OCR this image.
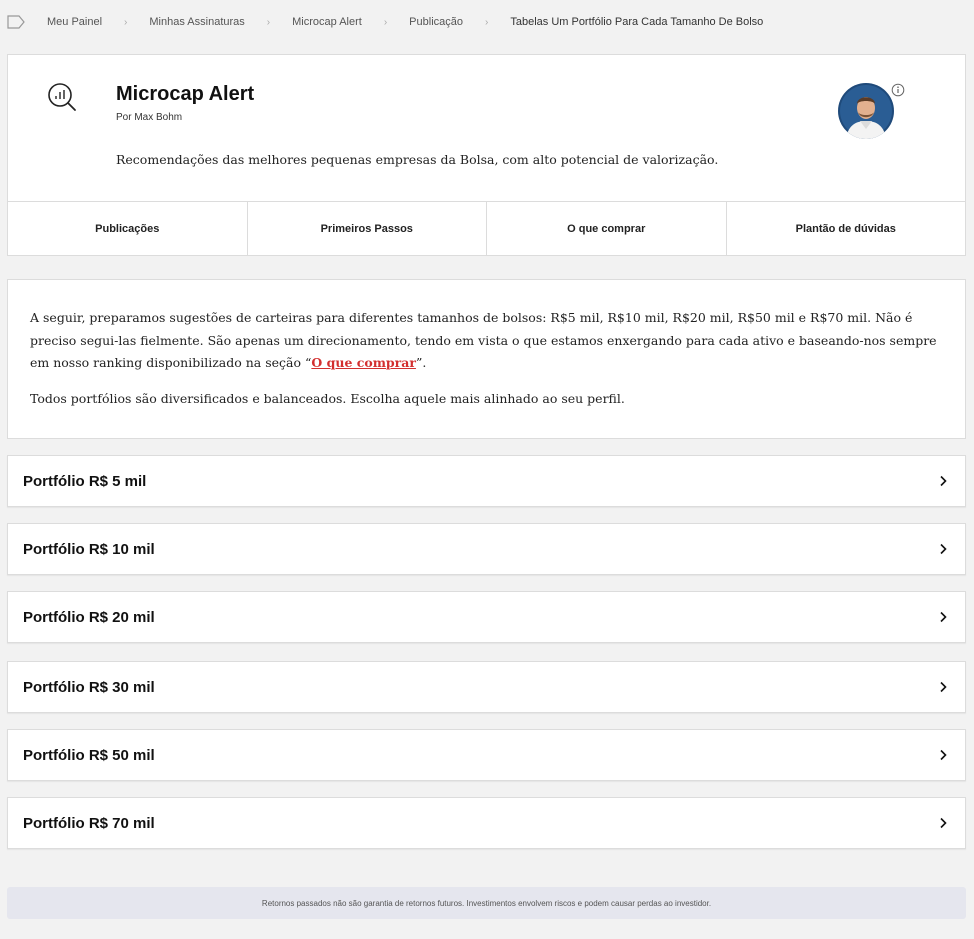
Meu Painel › Minhas Assinaturas › Microcap Alert › Publicação › Tabelas Um Portfólio Para Cada Tamanho De Bolso
Microcap Alert
Por Max Bohm

Recomendações das melhores pequenas empresas da Bolsa, com alto potencial de valorização.

Publicações	Primeiros Passos	O que comprar	Plantão de dúvidas

A seguir, preparamos sugestões de carteiras para diferentes tamanhos de bolsos: R$5 mil, R$10 mil, R$20 mil, R$50 mil e R$70 mil. Não é preciso segui-las fielmente. São apenas um direcionamento, tendo em vista o que estamos enxergando para cada ativo e baseando-nos sempre em nosso ranking disponibilizado na seção “O que comprar”.

Todos portfólios são diversificados e balanceados. Escolha aquele mais alinhado ao seu perfil.

Portfólio R$ 5 mil
Portfólio R$ 10 mil
Portfólio R$ 20 mil
Portfólio R$ 30 mil
Portfólio R$ 50 mil
Portfólio R$ 70 mil
Retornos passados não são garantia de retornos futuros. Investimentos envolvem riscos e podem causar perdas ao investidor.
